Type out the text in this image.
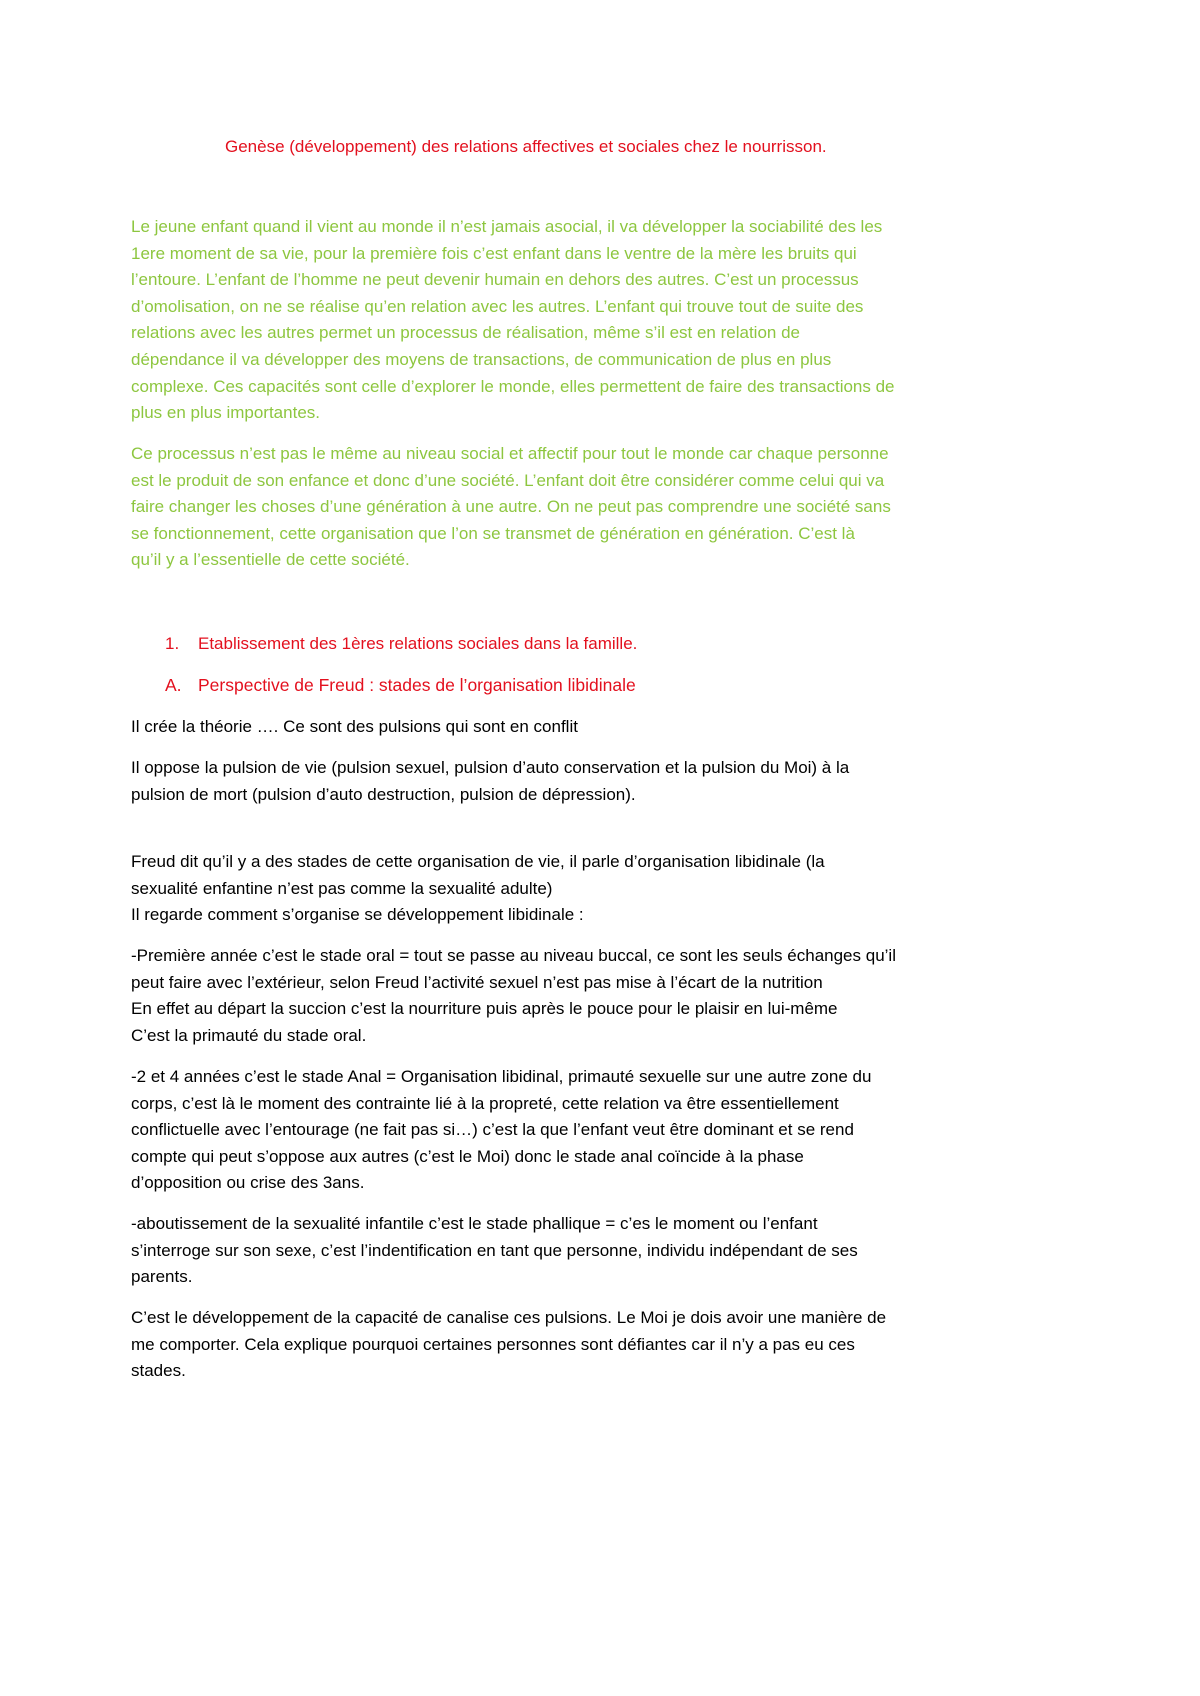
Genèse (développement) des relations affectives et sociales chez le nourrisson.
Le jeune enfant quand il vient au monde il n’est jamais asocial, il va développer la sociabilité des les
1ere moment de sa vie, pour la première fois c’est enfant dans le ventre de la mère les bruits qui
l’entoure. L’enfant de l’homme ne peut devenir humain en dehors des autres. C’est un processus
d’omolisation, on ne se réalise qu’en relation avec les autres. L’enfant qui trouve tout de suite des
relations avec les autres permet un processus de réalisation, même s’il est en relation de
dépendance il va développer des moyens de transactions, de communication de plus en plus
complexe. Ces capacités sont celle d’explorer le monde, elles permettent de faire des transactions de
plus en plus importantes.
Ce processus n’est pas le même au niveau social et affectif pour tout le monde car chaque personne
est le produit de son enfance et donc d’une société. L’enfant doit être considérer comme celui qui va
faire changer les choses d’une génération à une autre. On ne peut pas comprendre une société sans
se fonctionnement, cette organisation que l’on se transmet de génération en génération. C’est là
qu’il y a l’essentielle de cette société.
1. Etablissement des 1ères relations sociales dans la famille.
A. Perspective de Freud : stades de l’organisation libidinale
Il crée la théorie …. Ce sont des pulsions qui sont en conflit
Il oppose la pulsion de vie (pulsion sexuel, pulsion d’auto conservation et la pulsion du Moi) à la
pulsion de mort (pulsion d’auto destruction, pulsion de dépression).
Freud dit qu’il y a des stades de cette organisation de vie, il parle d’organisation libidinale (la
sexualité enfantine n’est pas comme la sexualité adulte)
Il regarde comment s’organise se développement libidinale :
-Première année c’est le stade oral = tout se passe au niveau buccal, ce sont les seuls échanges qu’il
peut faire avec l’extérieur, selon Freud l’activité sexuel n’est pas mise à l’écart de la nutrition
En effet au départ la succion c’est la nourriture puis après le pouce pour le plaisir en lui-même
C’est la primauté du stade oral.
-2 et 4 années c’est le stade Anal = Organisation libidinal, primauté sexuelle sur une autre zone du
corps, c’est là le moment des contrainte lié à la propreté, cette relation va être essentiellement
conflictuelle avec l’entourage (ne fait pas si…) c’est la que l’enfant veut être dominant et se rend
compte qui peut s’oppose aux autres (c’est le Moi) donc le stade anal coïncide à la phase
d’opposition ou crise des 3ans.
-aboutissement de la sexualité infantile c’est le stade phallique = c’es le moment ou l’enfant
s’interroge sur son sexe, c’est l’indentification en tant que personne, individu indépendant de ses
parents.
C’est le développement de la capacité de canalise ces pulsions. Le Moi je dois avoir une manière de
me comporter. Cela explique pourquoi certaines personnes sont défiantes car il n’y a pas eu ces
stades.
